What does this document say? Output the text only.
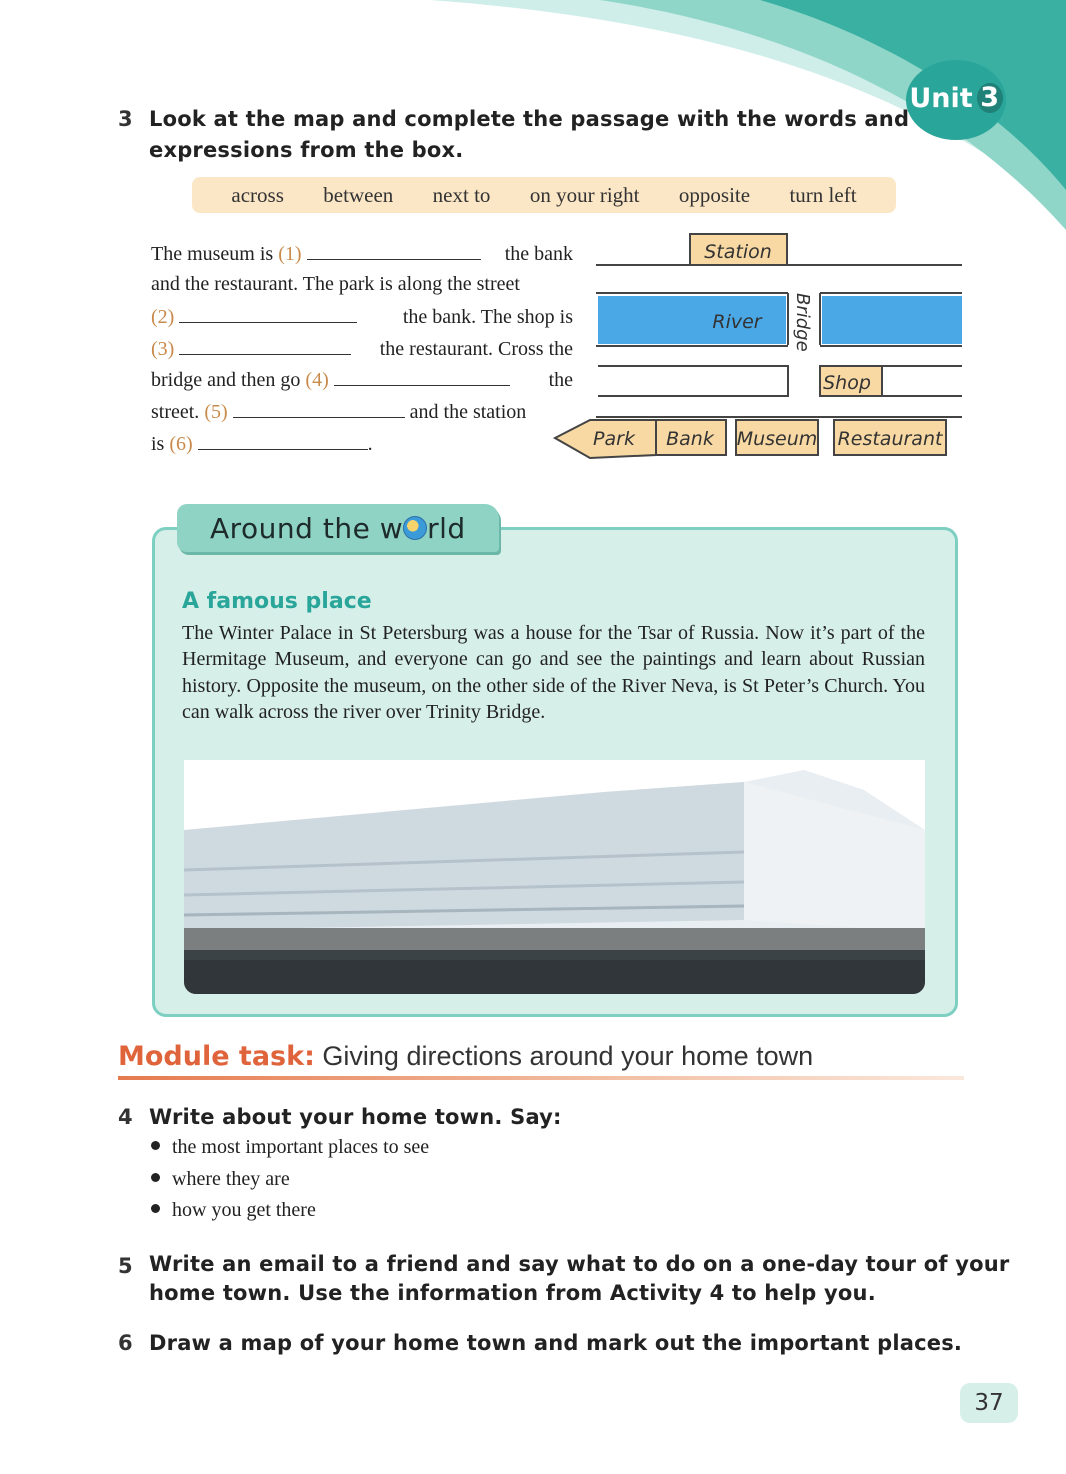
Unit 3
3 Look at the map and complete the passage with the words and
expressions from the box.
across between next to on your right opposite turn left
The museum is (1)	the bank
and the restaurant. The park is along the street
(2)	the bank. The shop is
(3)	the restaurant. Cross the
bridge and then go (4)	the
street. (5)	and the station
is (6)	.
Station
River Bridge
Shop
Park Bank Museum Restaurant
Around the w rld
A famous place
The Winter Palace in St Petersburg was a house for the Tsar of Russia. Now it’s part of the Hermitage Museum, and everyone can go and see the paintings and learn about Russian history. Opposite the museum, on the other side of the River Neva, is St Peter’s Church. You can walk across the river over Trinity Bridge.
Module task: Giving directions around your home town
4 Write about your home town. Say:
the most important places to see
where they are
how you get there
5 Write an email to a friend and say what to do on a one-day tour of your
home town. Use the information from Activity 4 to help you.
6 Draw a map of your home town and mark out the important places.
37
